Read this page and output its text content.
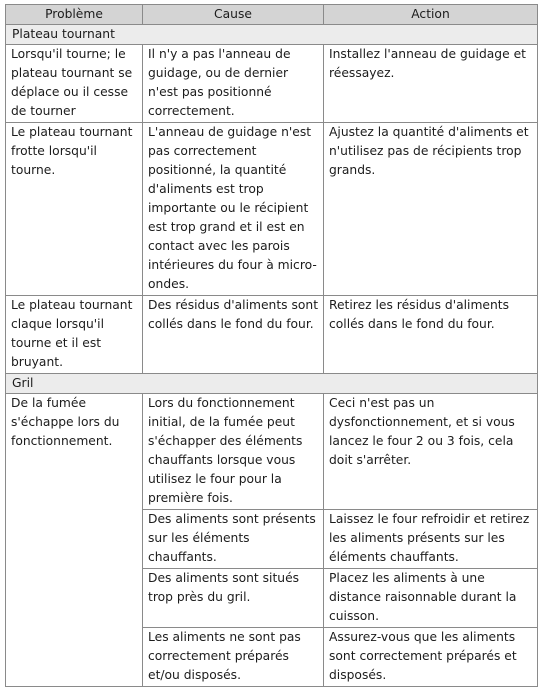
Problème	Cause	Action
Plateau tournant		
Lorsqu'il tourne; le plateau tournant se déplace ou il cesse de tourner	Il n'y a pas l'anneau de guidage, ou de dernier n'est pas positionné correctement.	Installez l'anneau de guidage et réessayez.
Le plateau tournant frotte lorsqu'il tourne.	L'anneau de guidage n'est pas correctement positionné, la quantité d'aliments est trop importante ou le récipient est trop grand et il est en contact avec les parois intérieures du four à micro-ondes.	Ajustez la quantité d'aliments et n'utilisez pas de récipients trop grands.
Le plateau tournant claque lorsqu'il tourne et il est bruyant.	Des résidus d'aliments sont collés dans le fond du four.	Retirez les résidus d'aliments collés dans le fond du four.
Gril		
De la fumée s'échappe lors du fonctionnement.	Lors du fonctionnement initial, de la fumée peut s'échapper des éléments chauffants lorsque vous utilisez le four pour la première fois.	Ceci n'est pas un dysfonctionnement, et si vous lancez le four 2 ou 3 fois, cela doit s'arrêter.
	Des aliments sont présents sur les éléments chauffants.	Laissez le four refroidir et retirez les aliments présents sur les éléments chauffants.
	Des aliments sont situés trop près du gril.	Placez les aliments à une distance raisonnable durant la cuisson.
	Les aliments ne sont pas correctement préparés et/ou disposés.	Assurez-vous que les aliments sont correctement préparés et disposés.
